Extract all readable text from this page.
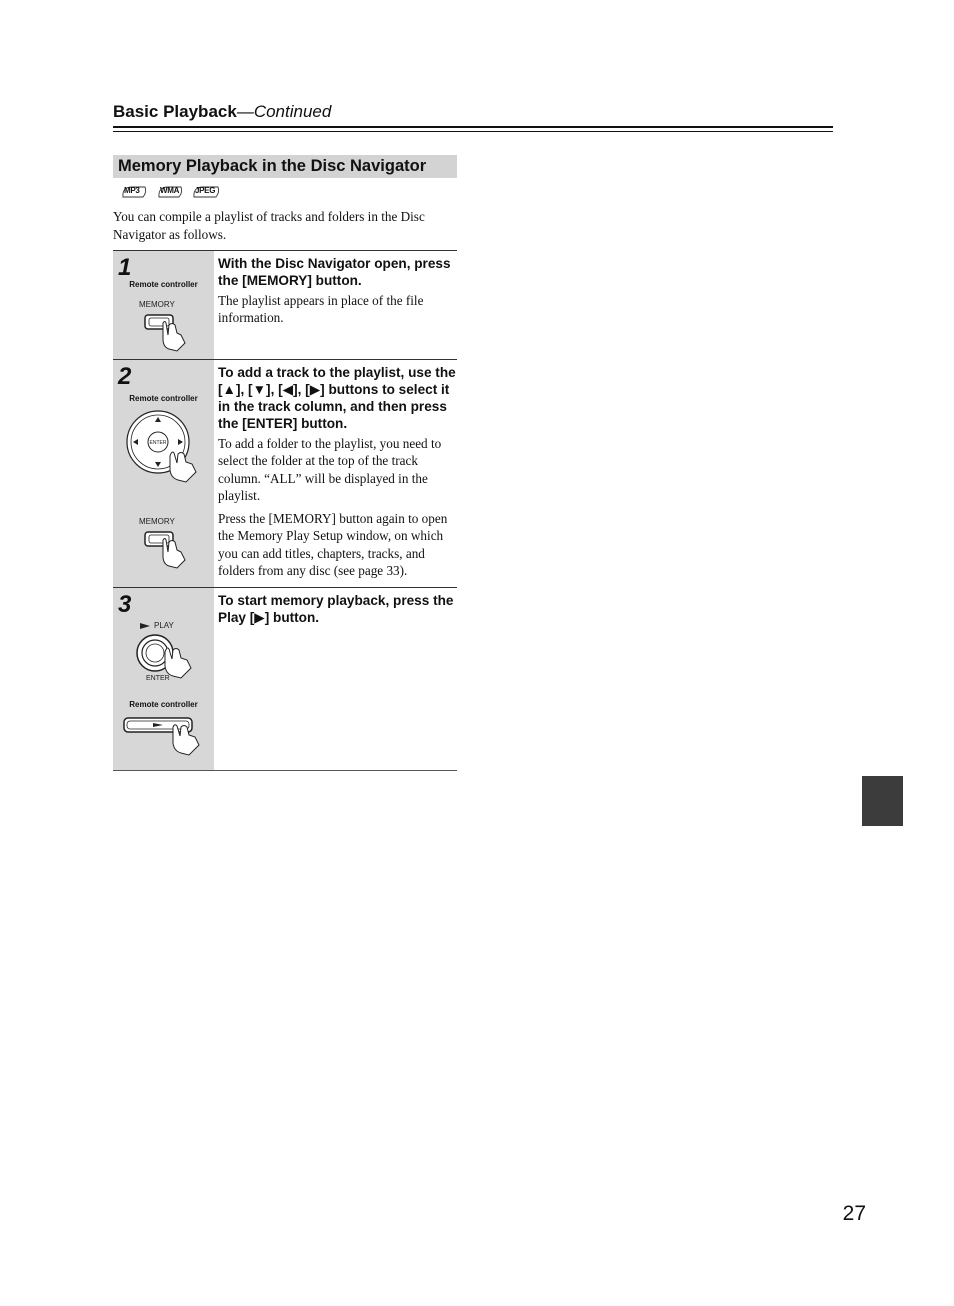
Basic Playback—Continued
Memory Playback in the Disc Navigator
MP3	WMA JPEG
You can compile a playlist of tracks and folders in the Disc Navigator as follows.
1
Remote controller
MEMORY

With the Disc Navigator open, press the [MEMORY] button.

The playlist appears in place of the file information.

2
Remote controller
ENTER
MEMORY

To add a track to the playlist, use the [▲], [▼], [◀], [▶] buttons to select it in the track column, and then press the [ENTER] button.

To add a folder to the playlist, you need to select the folder at the top of the track column. “ALL” will be displayed in the playlist.

Press the [MEMORY] button again to open the Memory Play Setup window, on which you can add titles, chapters, tracks, and folders from any disc (see page 33).

3
PLAY
ENTER
Remote controller

To start memory playback, press the Play [▶] button.

27
